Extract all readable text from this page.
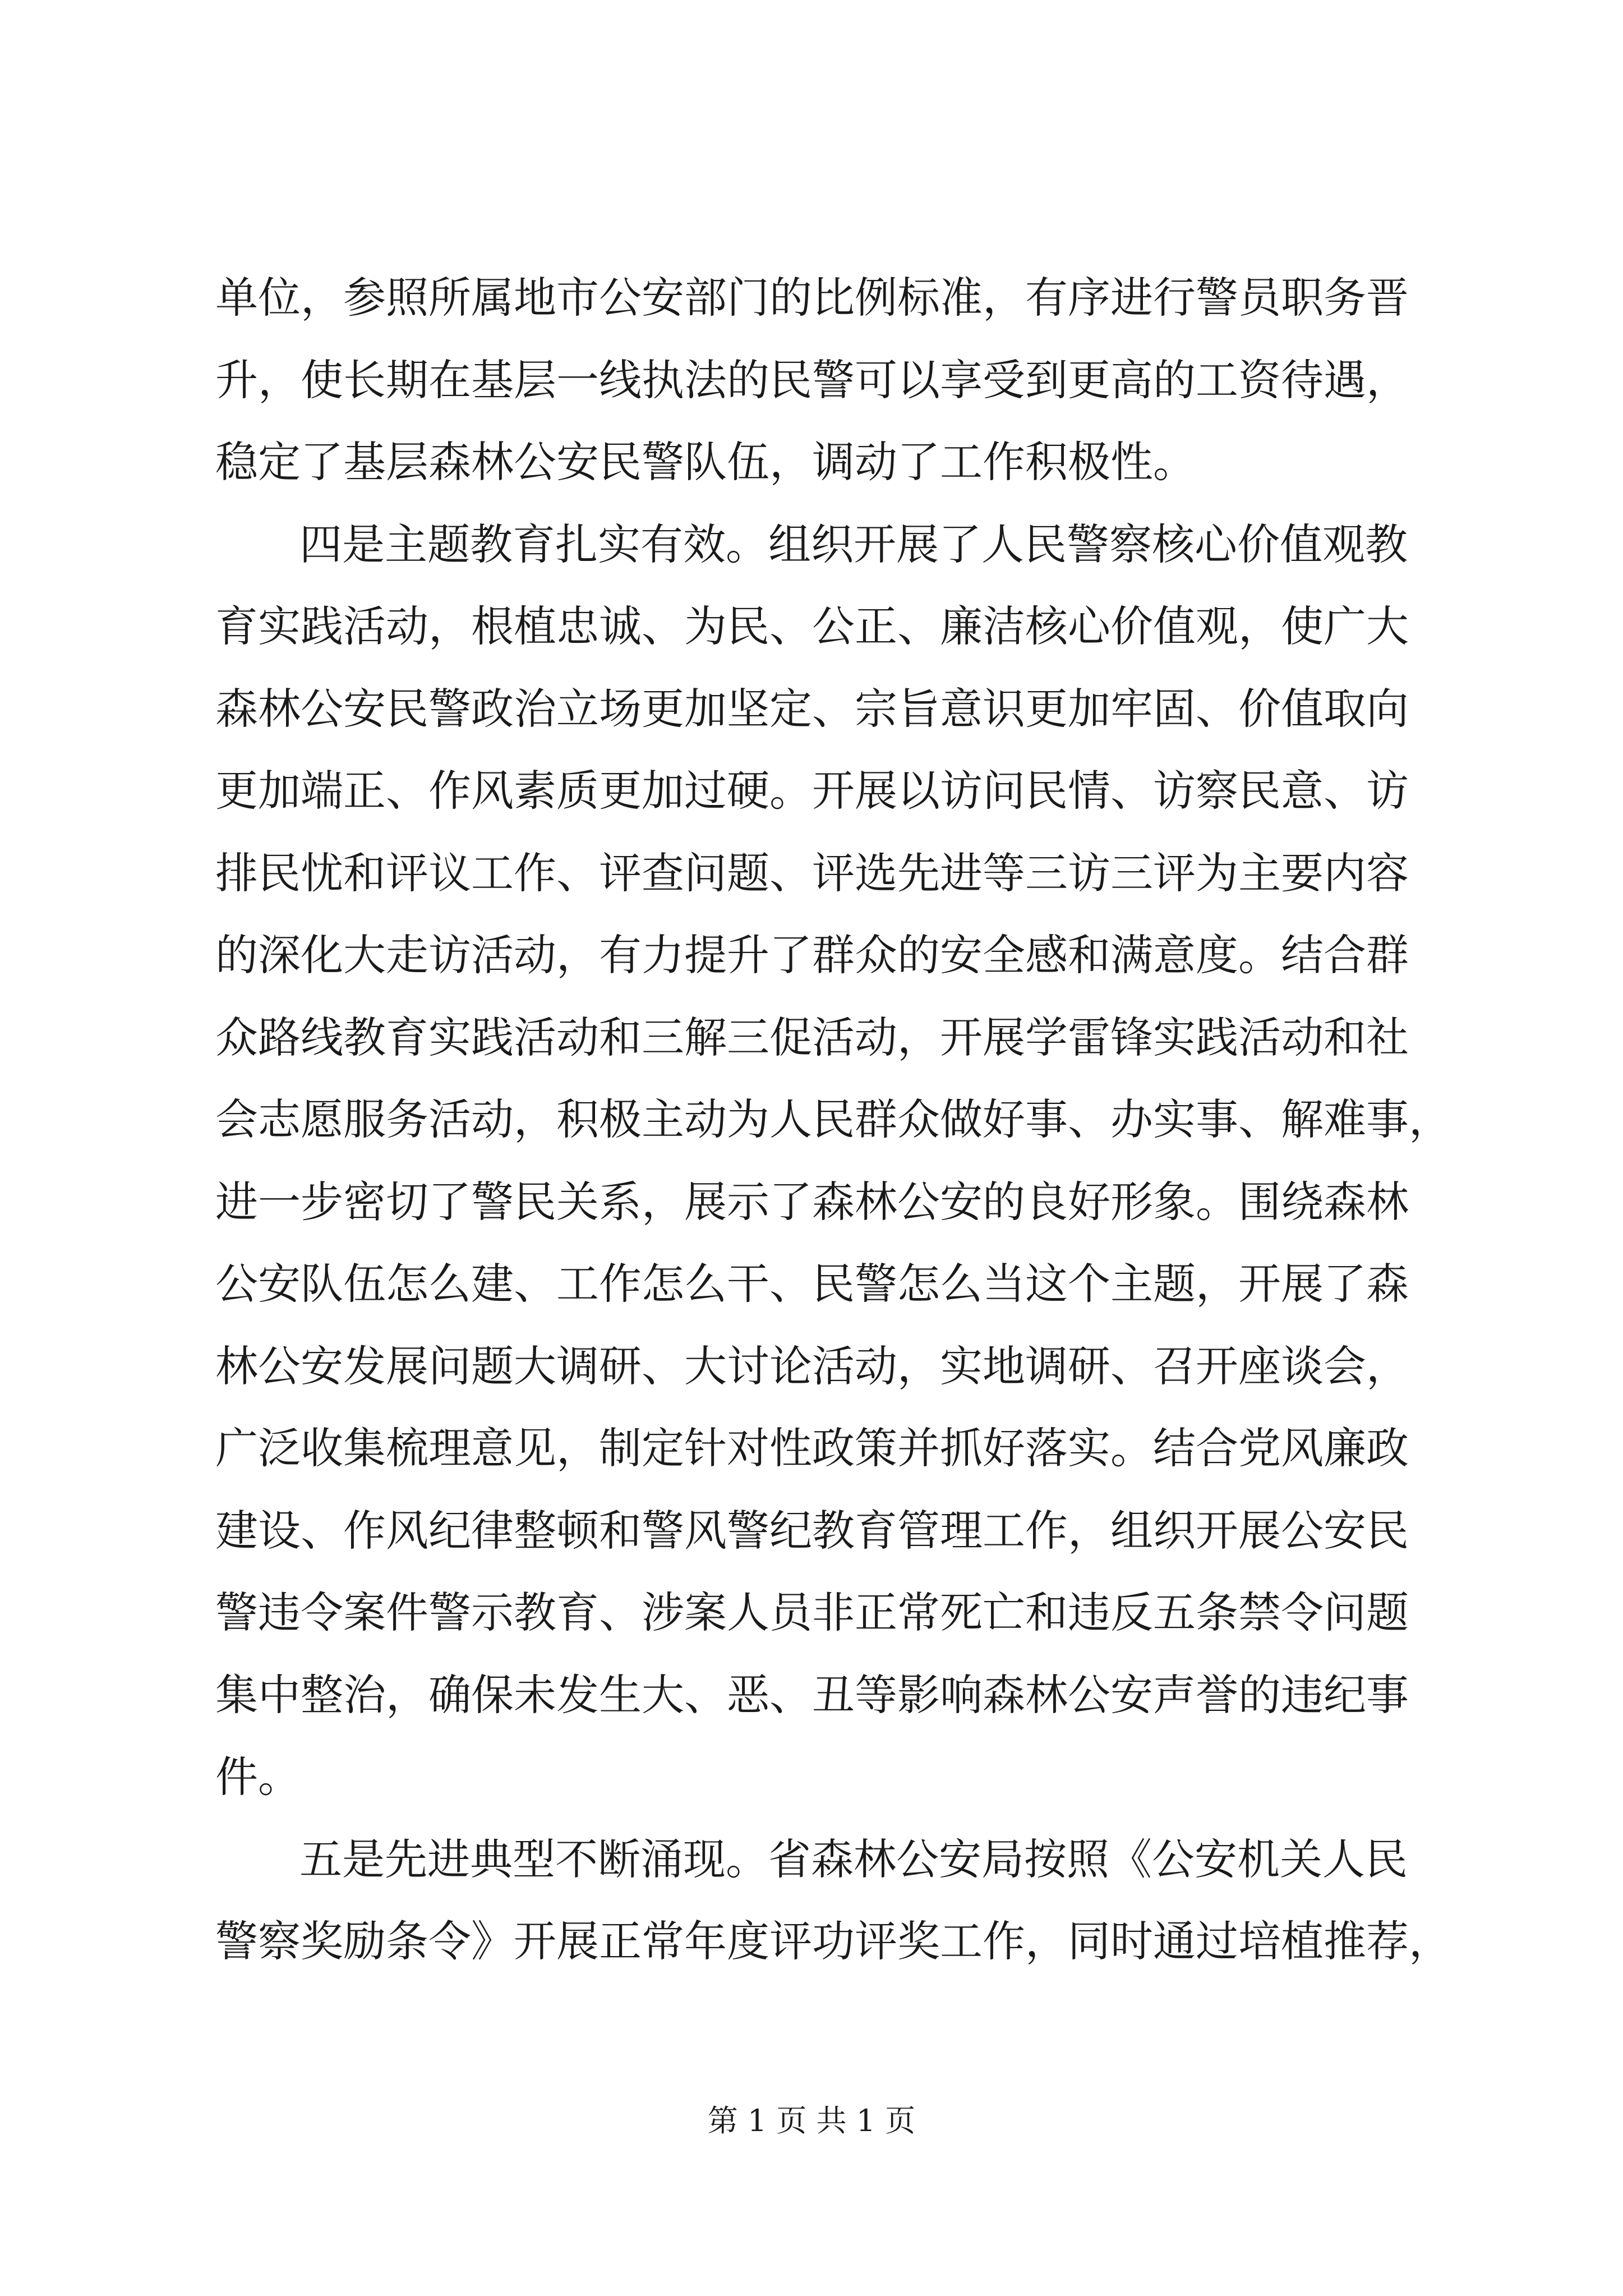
单位，参照所属地市公安部门的比例标准，有序进行警员职务晋
升，使长期在基层一线执法的民警可以享受到更高的工资待遇，
稳定了基层森林公安民警队伍，调动了工作积极性。
四是主题教育扎实有效。组织开展了人民警察核心价值观教
育实践活动，根植忠诚、为民、公正、廉洁核心价值观，使广大
森林公安民警政治立场更加坚定、宗旨意识更加牢固、价值取向
更加端正、作风素质更加过硬。开展以访问民情、访察民意、访
排民忧和评议工作、评查问题、评选先进等三访三评为主要内容
的深化大走访活动，有力提升了群众的安全感和满意度。结合群
众路线教育实践活动和三解三促活动，开展学雷锋实践活动和社
会志愿服务活动，积极主动为人民群众做好事、办实事、解难事，
进一步密切了警民关系，展示了森林公安的良好形象。围绕森林
公安队伍怎么建、工作怎么干、民警怎么当这个主题，开展了森
林公安发展问题大调研、大讨论活动，实地调研、召开座谈会，
广泛收集梳理意见，制定针对性政策并抓好落实。结合党风廉政
建设、作风纪律整顿和警风警纪教育管理工作，组织开展公安民
警违令案件警示教育、涉案人员非正常死亡和违反五条禁令问题
集中整治，确保未发生大、恶、丑等影响森林公安声誉的违纪事
件。
五是先进典型不断涌现。省森林公安局按照《公安机关人民
警察奖励条令》开展正常年度评功评奖工作，同时通过培植推荐，
第 1 页 共 1 页
